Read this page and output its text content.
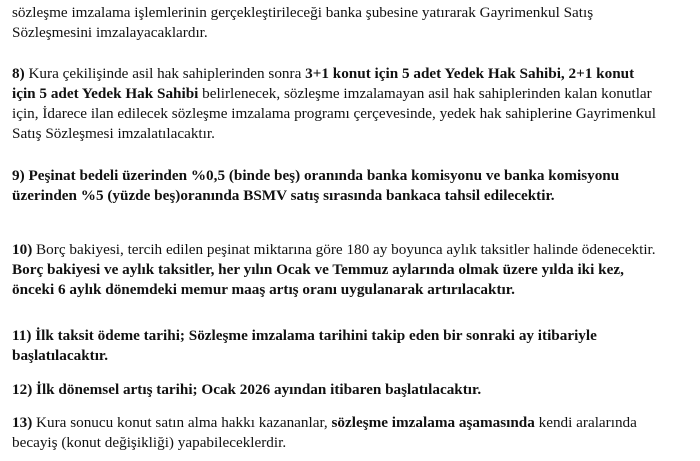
sözleşme imzalama işlemlerinin gerçekleştirileceği banka şubesine yatırarak Gayrimenkul Satış
Sözleşmesini imzalayacaklardır.
8) Kura çekilişinde asil hak sahiplerinden sonra 3+1 konut için 5 adet Yedek Hak Sahibi, 2+1 konut
için 5 adet Yedek Hak Sahibi belirlenecek, sözleşme imzalamayan asil hak sahiplerinden kalan konutlar
için, İdarece ilan edilecek sözleşme imzalama programı çerçevesinde, yedek hak sahiplerine Gayrimenkul
Satış Sözleşmesi imzalatılacaktır.
9) Peşinat bedeli üzerinden %0,5 (binde beş) oranında banka komisyonu ve banka komisyonu
üzerinden %5 (yüzde beş)oranında BSMV satış sırasında bankaca tahsil edilecektir.
10) Borç bakiyesi, tercih edilen peşinat miktarına göre 180 ay boyunca aylık taksitler halinde ödenecektir.
Borç bakiyesi ve aylık taksitler, her yılın Ocak ve Temmuz aylarında olmak üzere yılda iki kez,
önceki 6 aylık dönemdeki memur maaş artış oranı uygulanarak artırılacaktır.
11) İlk taksit ödeme tarihi; Sözleşme imzalama tarihini takip eden bir sonraki ay itibariyle
başlatılacaktır.
12) İlk dönemsel artış tarihi; Ocak 2026 ayından itibaren başlatılacaktır.
13) Kura sonucu konut satın alma hakkı kazananlar, sözleşme imzalama aşamasında kendi aralarında
becayiş (konut değişikliği) yapabileceklerdir.
